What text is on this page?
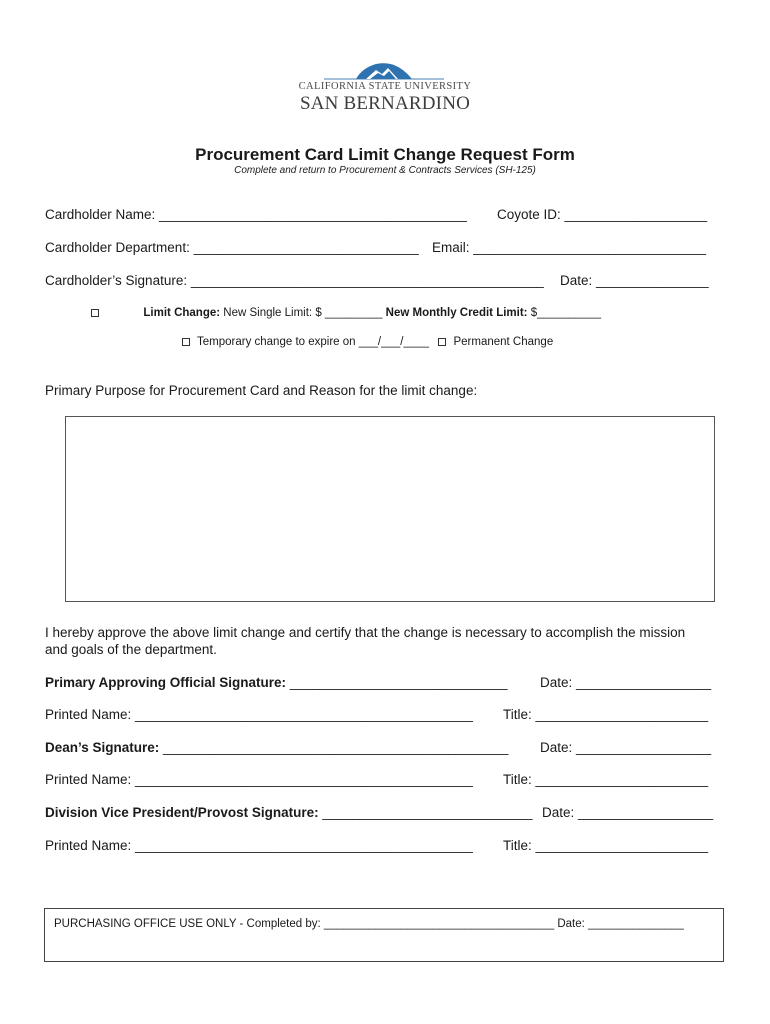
CALIFORNIA STATE UNIVERSITY
SAN BERNARDINO
Procurement Card Limit Change Request Form
Complete and return to Procurement & Contracts Services (SH-125)
Cardholder Name: _________________________________________ Coyote ID: ___________________
Cardholder Department: ______________________________ Email: _______________________________
Cardholder’s Signature: _______________________________________________ Date: _______________
Limit Change: New Single Limit: $ _________ New Monthly Credit Limit: $__________
Temporary change to expire on ___/___/____ Permanent Change
Primary Purpose for Procurement Card and Reason for the limit change:
I hereby approve the above limit change and certify that the change is necessary to accomplish the mission
and goals of the department.
Primary Approving Official Signature: _____________________________ Date: __________________
Printed Name: _____________________________________________ Title: _______________________
Dean’s Signature: ______________________________________________ Date: __________________
Printed Name: _____________________________________________ Title: _______________________
Division Vice President/Provost Signature: ____________________________ Date: __________________
Printed Name: _____________________________________________ Title: _______________________
PURCHASING OFFICE USE ONLY - Completed by: ____________________________________ Date: _______________
